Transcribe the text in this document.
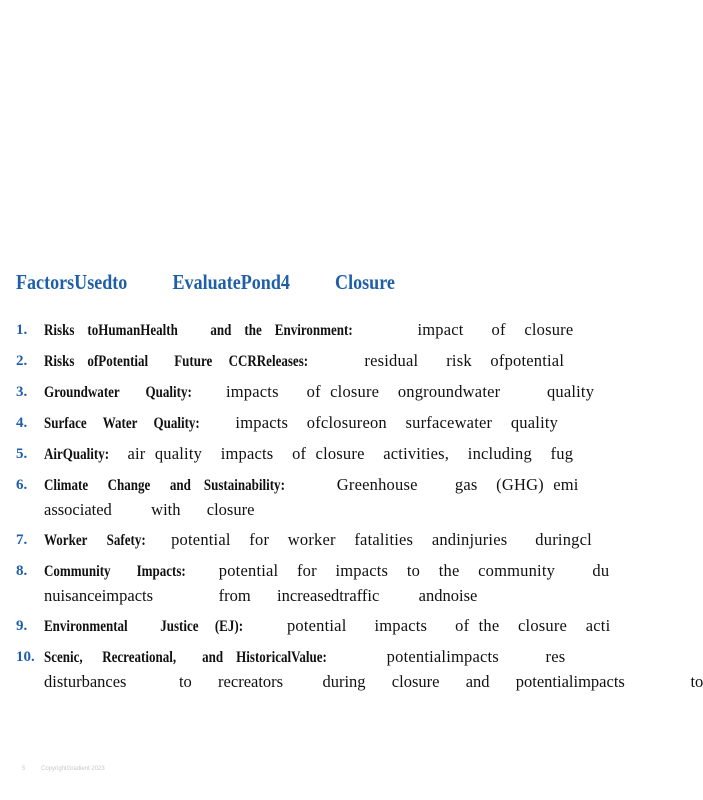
FactorsUsedto          EvaluatePond4          Closure
1.	Risks    toHumanHealth          and    the    Environment:	impact   of  closure
2.	Risks    ofPotential        Future     CCRReleases:	residual   risk  ofpotential
3.	Groundwater        Quality: impacts   of closure  ongroundwater     quality
4.	Surface     Water     Quality: impacts  ofclosureon  surfacewater  quality
5.	AirQuality: air quality  impacts  of closure  activities,  including  fug
6.	Climate      Change      and    Sustainability:	Greenhouse    gas  (GHG) emi
associated   with  closure
7.	Worker      Safety: potential  for  worker  fatalities  andinjuries   duringcl
8.	Community        Impacts: potential  for  impacts  to  the  community    du
nuisanceimpacts     from  increasedtraffic   andnoise
9.	Environmental          Justice     (EJ):	potential   impacts   of the  closure  acti
10. Scenic,      Recreational,        and    HistoricalValue:	potentialimpacts     res
disturbances    to  recreators   during  closure  and  potentialimpacts     to
5	CopyrightGradient 2023
